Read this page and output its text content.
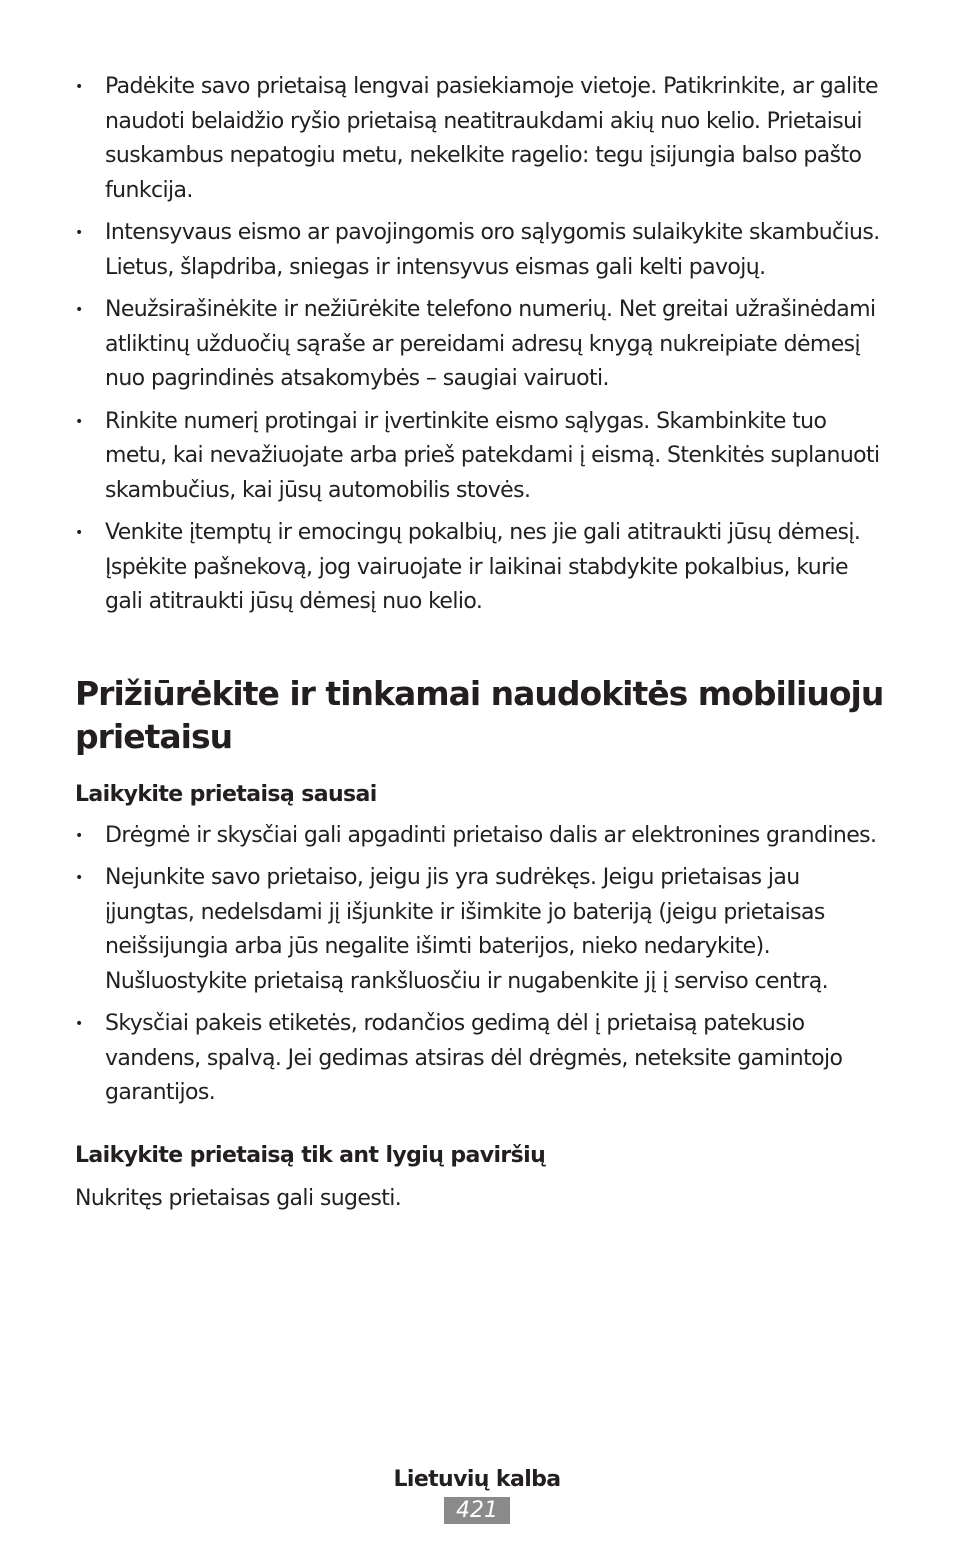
• Padėkite savo prietaisą lengvai pasiekiamoje vietoje. Patikrinkite, ar galite naudoti belaidžio ryšio prietaisą neatitraukdami akių nuo kelio. Prietaisui suskambus nepatogiu metu, nekelkite ragelio: tegu įsijungia balso pašto funkcija.
• Intensyvaus eismo ar pavojingomis oro sąlygomis sulaikykite skambučius. Lietus, šlapdriba, sniegas ir intensyvus eismas gali kelti pavojų.
• Neužsirašinėkite ir nežiūrėkite telefono numerių. Net greitai užrašinėdami atliktinų užduočių sąraše ar pereidami adresų knygą nukreipiate dėmesį nuo pagrindinės atsakomybės – saugiai vairuoti.
• Rinkite numerį protingai ir įvertinkite eismo sąlygas. Skambinkite tuo metu, kai nevažiuojate arba prieš patekdami į eismą. Stenkitės suplanuoti skambučius, kai jūsų automobilis stovės.
• Venkite įtemptų ir emocingų pokalbių, nes jie gali atitraukti jūsų dėmesį. Įspėkite pašnekovą, jog vairuojate ir laikinai stabdykite pokalbius, kurie gali atitraukti jūsų dėmesį nuo kelio.
Prižiūrėkite ir tinkamai naudokitės mobiliuoju prietaisu
Laikykite prietaisą sausai
• Drėgmė ir skysčiai gali apgadinti prietaiso dalis ar elektronines grandines.
• Nejunkite savo prietaiso, jeigu jis yra sudrėkęs. Jeigu prietaisas jau įjungtas, nedelsdami jį išjunkite ir išimkite jo bateriją (jeigu prietaisas neišsijungia arba jūs negalite išimti baterijos, nieko nedarykite). Nušluostykite prietaisą rankšluosčiu ir nugabenkite jį į serviso centrą.
• Skysčiai pakeis etiketės, rodančios gedimą dėl į prietaisą patekusio vandens, spalvą. Jei gedimas atsiras dėl drėgmės, neteksite gamintojo garantijos.
Laikykite prietaisą tik ant lygių paviršių

Nukritęs prietaisas gali sugesti.

Lietuvių kalba
421
